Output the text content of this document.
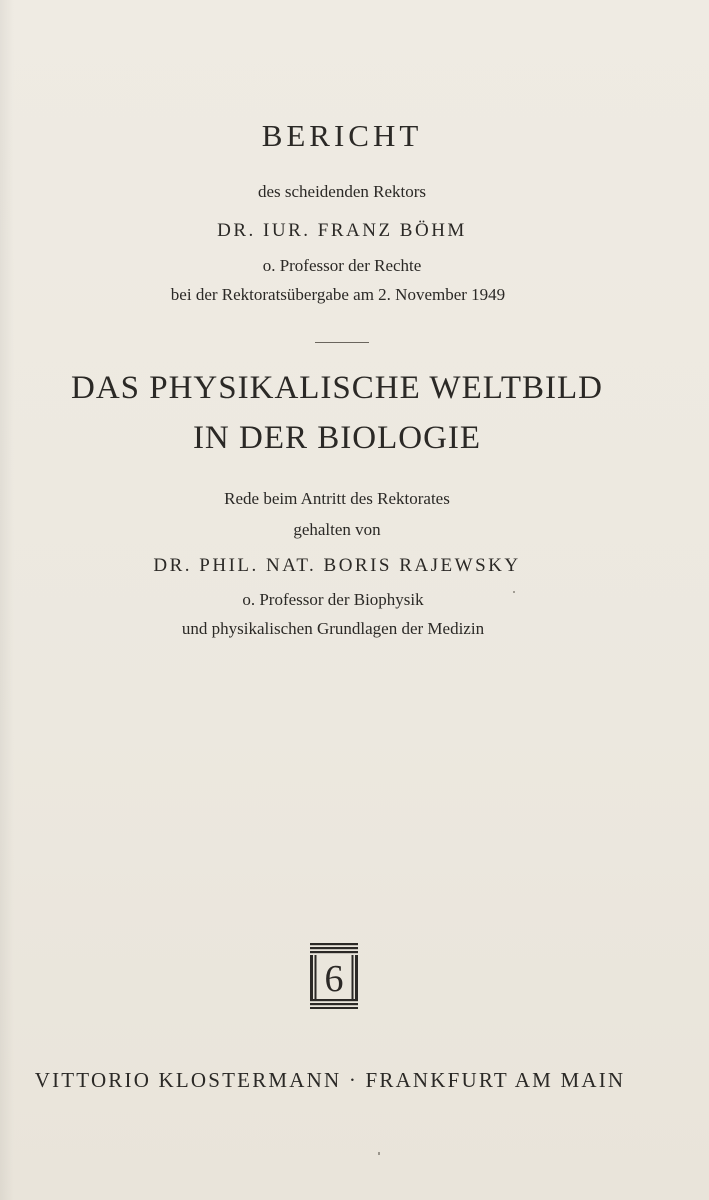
BERICHT
des scheidenden Rektors
DR. IUR. FRANZ BÖHM
o. Professor der Rechte
bei der Rektoratsübergabe am 2. November 1949
DAS PHYSIKALISCHE WELTBILD
IN DER BIOLOGIE
Rede beim Antritt des Rektorates
gehalten von
DR. PHIL. NAT. BORIS RAJEWSKY
o. Professor der Biophysik
und physikalischen Grundlagen der Medizin
6
VITTORIO KLOSTERMANN · FRANKFURT AM MAIN
